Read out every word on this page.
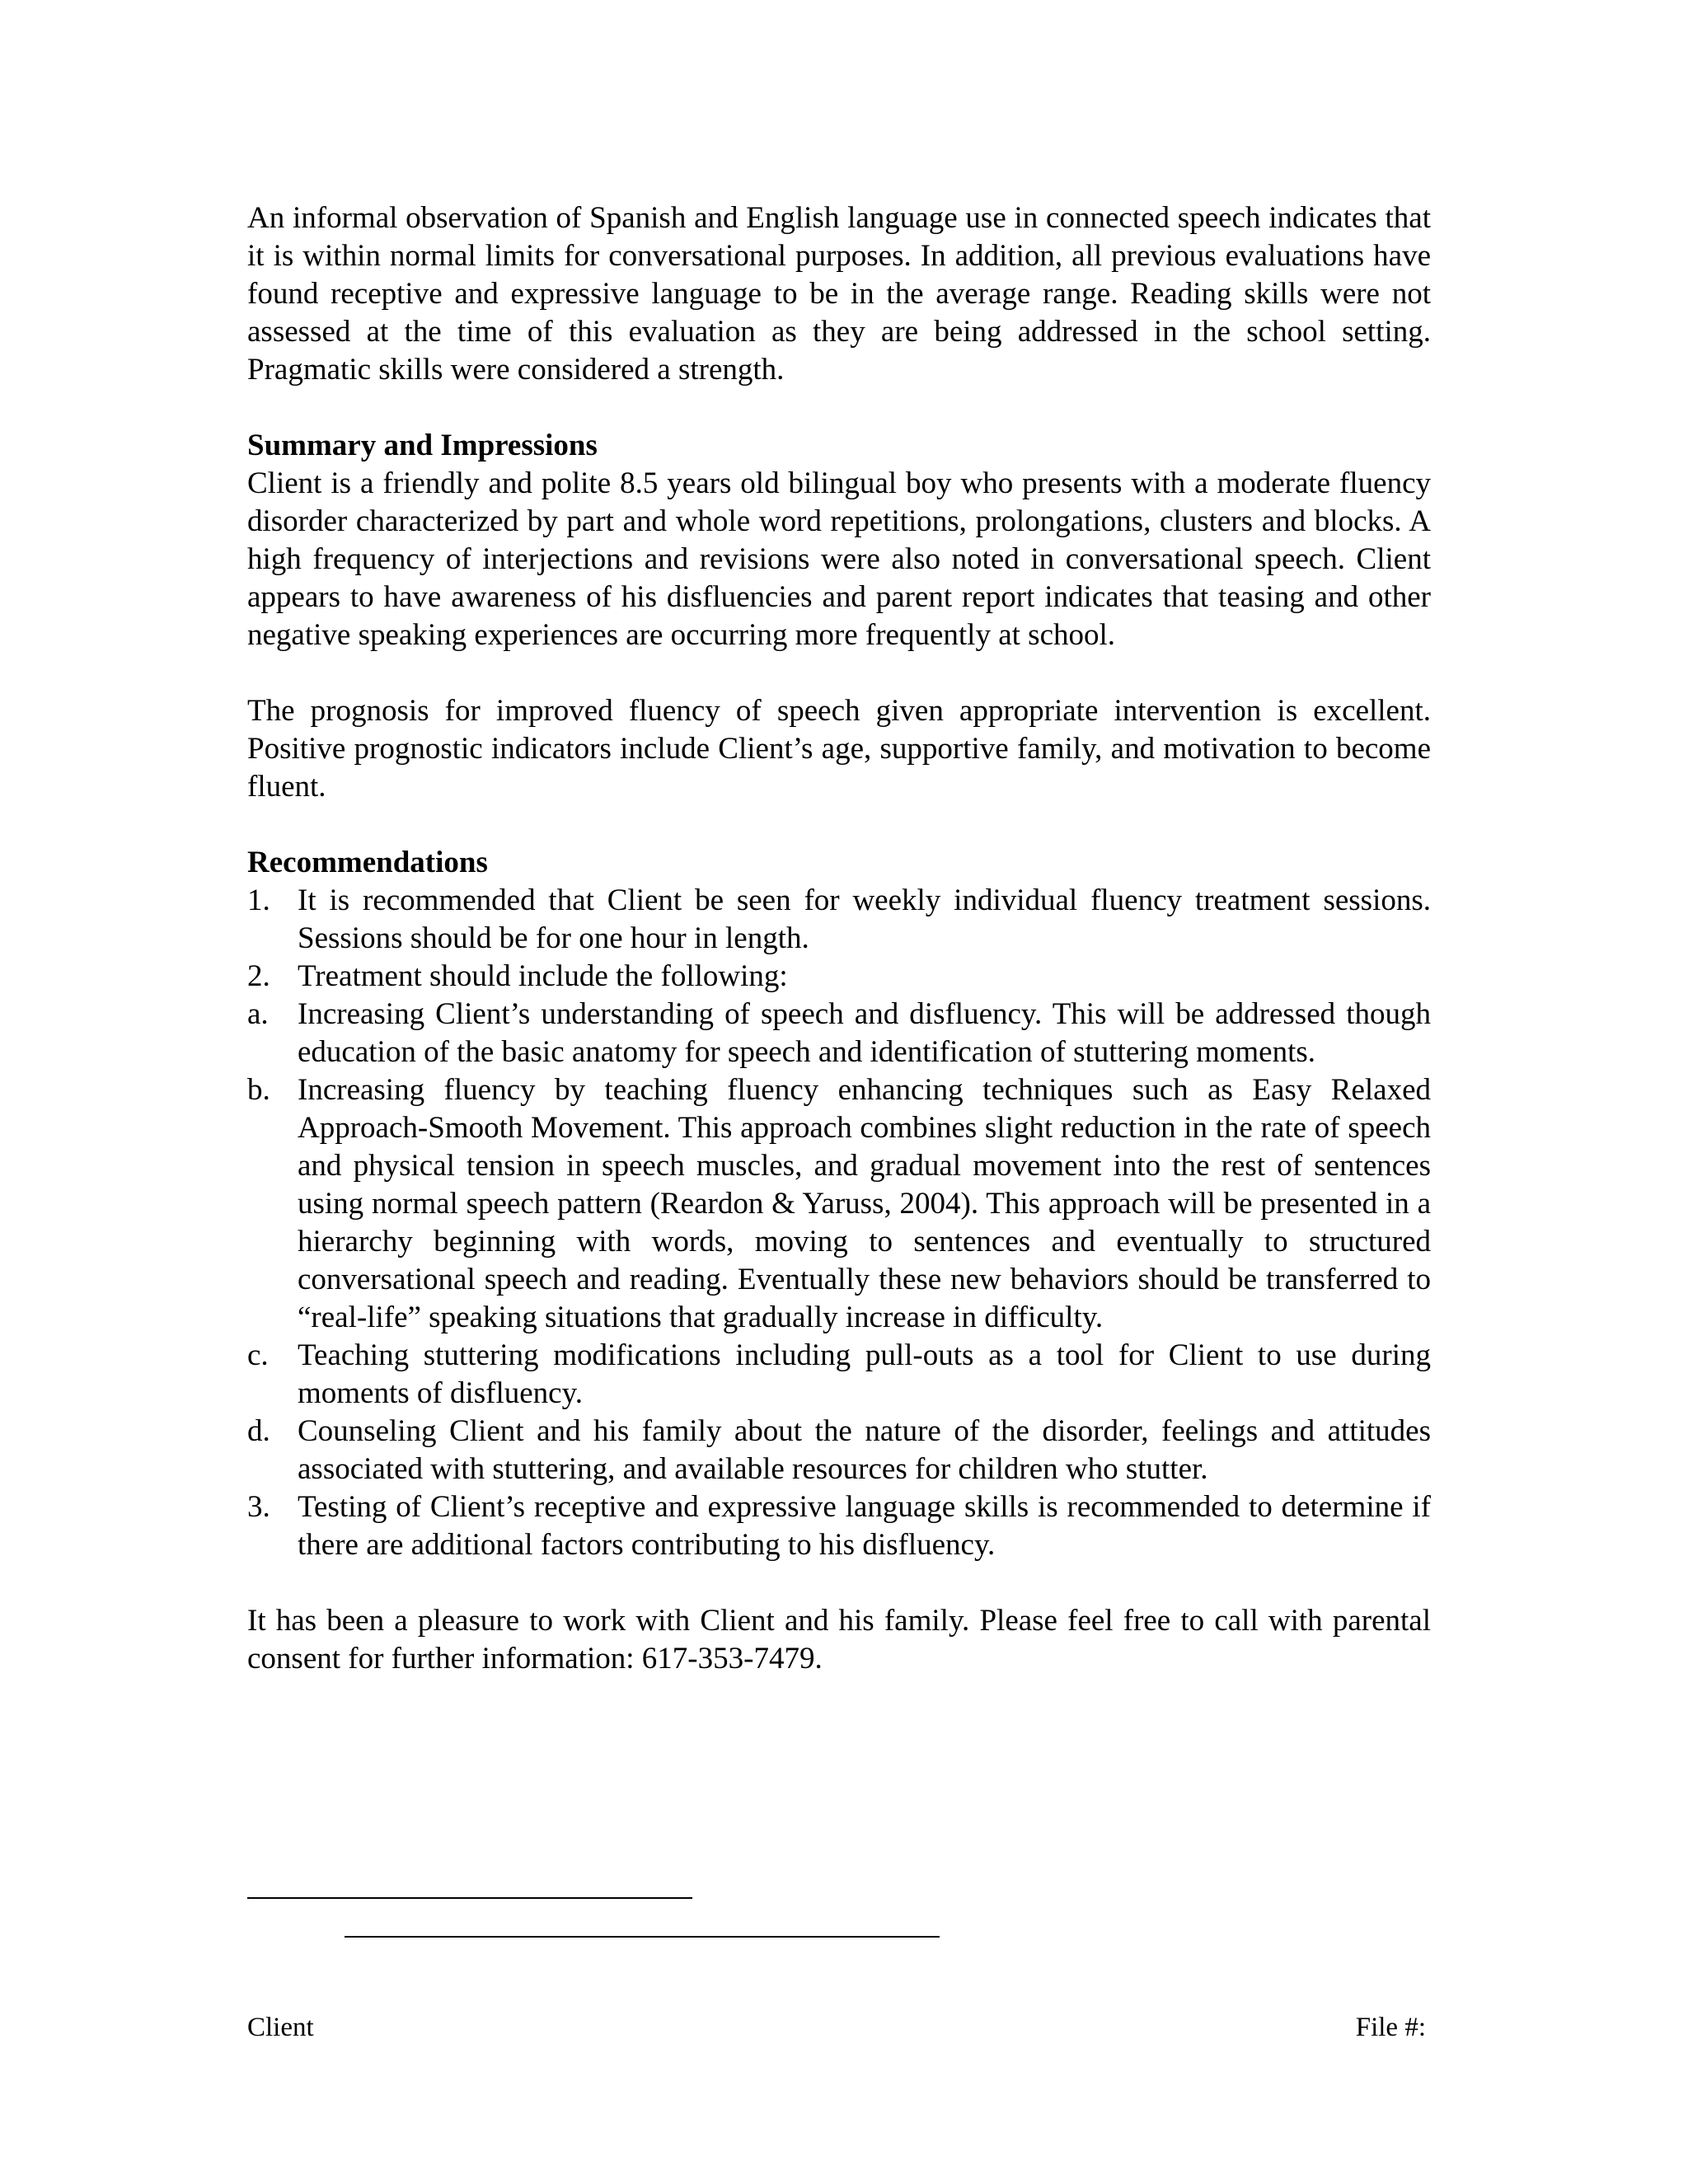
An informal observation of Spanish and English language use in connected speech indicates that it is within normal limits for conversational purposes. In addition, all previous evaluations have found receptive and expressive language to be in the average range. Reading skills were not assessed at the time of this evaluation as they are being addressed in the school setting. Pragmatic skills were considered a strength.

Summary and Impressions

Client is a friendly and polite 8.5 years old bilingual boy who presents with a moderate fluency disorder characterized by part and whole word repetitions, prolongations, clusters and blocks. A high frequency of interjections and revisions were also noted in conversational speech. Client appears to have awareness of his disfluencies and parent report indicates that teasing and other negative speaking experiences are occurring more frequently at school.

The prognosis for improved fluency of speech given appropriate intervention is excellent. Positive prognostic indicators include Client’s age, supportive family, and motivation to become fluent.

Recommendations

1. It is recommended that Client be seen for weekly individual fluency treatment sessions. Sessions should be for one hour in length.
2. Treatment should include the following:
a. Increasing Client’s understanding of speech and disfluency. This will be addressed though education of the basic anatomy for speech and identification of stuttering moments.
b. Increasing fluency by teaching fluency enhancing techniques such as Easy Relaxed Approach-Smooth Movement. This approach combines slight reduction in the rate of speech and physical tension in speech muscles, and gradual movement into the rest of sentences using normal speech pattern (Reardon & Yaruss, 2004). This approach will be presented in a hierarchy beginning with words, moving to sentences and eventually to structured conversational speech and reading. Eventually these new behaviors should be transferred to “real-life” speaking situations that gradually increase in difficulty.
c. Teaching stuttering modifications including pull-outs as a tool for Client to use during moments of disfluency.
d. Counseling Client and his family about the nature of the disorder, feelings and attitudes associated with stuttering, and available resources for children who stutter.
3. Testing of Client’s receptive and expressive language skills is recommended to determine if there are additional factors contributing to his disfluency.

It has been a pleasure to work with Client and his family. Please feel free to call with parental consent for further information: 617-353-7479.

Client	File #:
